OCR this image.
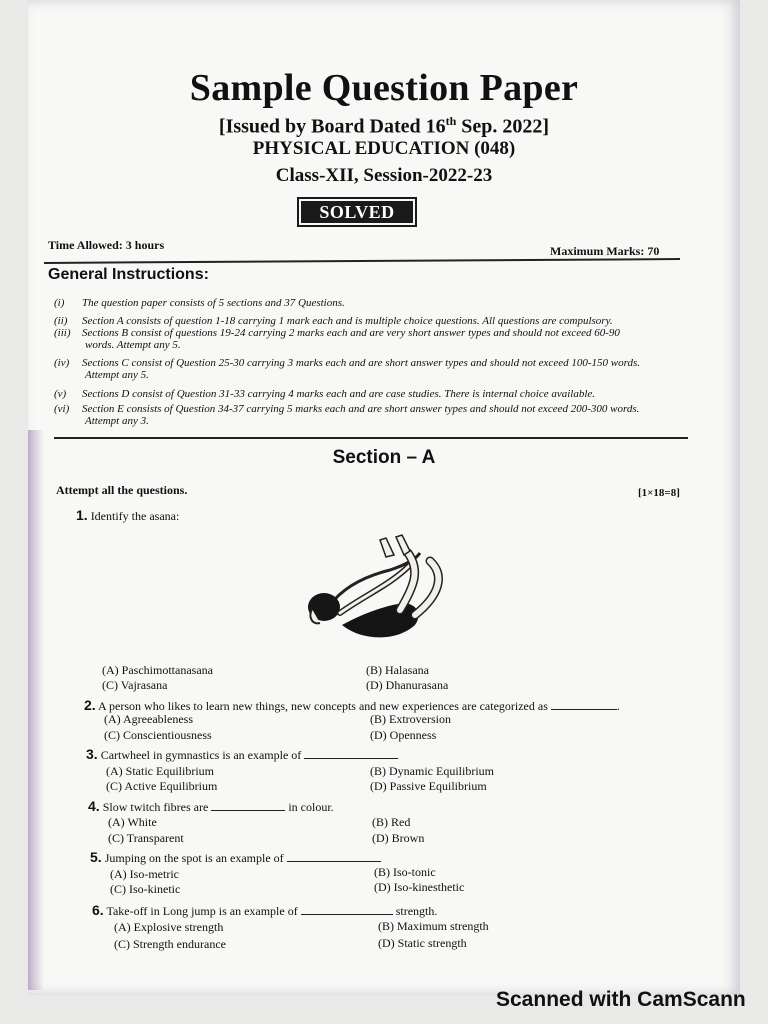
Sample Question Paper
[Issued by Board Dated 16th Sep. 2022]
PHYSICAL EDUCATION (048)
Class-XII, Session-2022-23
SOLVED
Time Allowed: 3 hours	Maximum Marks: 70
General Instructions:
(i) The question paper consists of 5 sections and 37 Questions.
(ii) Section A consists of question 1-18 carrying 1 mark each and is multiple choice questions. All questions are compulsory.
(iii) Sections B consist of questions 19-24 carrying 2 marks each and are very short answer types and should not exceed 60-90
words. Attempt any 5.
(iv) Sections C consist of Question 25-30 carrying 3 marks each and are short answer types and should not exceed 100-150 words.
Attempt any 5.
(v) Sections D consist of Question 31-33 carrying 4 marks each and are case studies. There is internal choice available.
(vi) Section E consists of Question 34-37 carrying 5 marks each and are short answer types and should not exceed 200-300 words.
Attempt any 3.
Section – A
Attempt all the questions.	[1×18=8]
1. Identify the asana:
(A) Paschimottanasana	(B) Halasana
(C) Vajrasana	(D) Dhanurasana
2. A person who likes to learn new things, new concepts and new experiences are categorized as	.
(A) Agreeableness	(B) Extroversion
(C) Conscientiousness	(D) Openness
3. Cartwheel in gymnastics is an example of
(A) Static Equilibrium	(B) Dynamic Equilibrium
(C) Active Equilibrium	(D) Passive Equilibrium
4. Slow twitch fibres are	in colour.
(A) White	(B) Red
(C) Transparent	(D) Brown
5. Jumping on the spot is an example of
(A) Iso-metric	(B) Iso-tonic
(C) Iso-kinetic	(D) Iso-kinesthetic
6. Take-off in Long jump is an example of	strength.
(A) Explosive strength	(B) Maximum strength
(C) Strength endurance	(D) Static strength
Scanned with CamScann
